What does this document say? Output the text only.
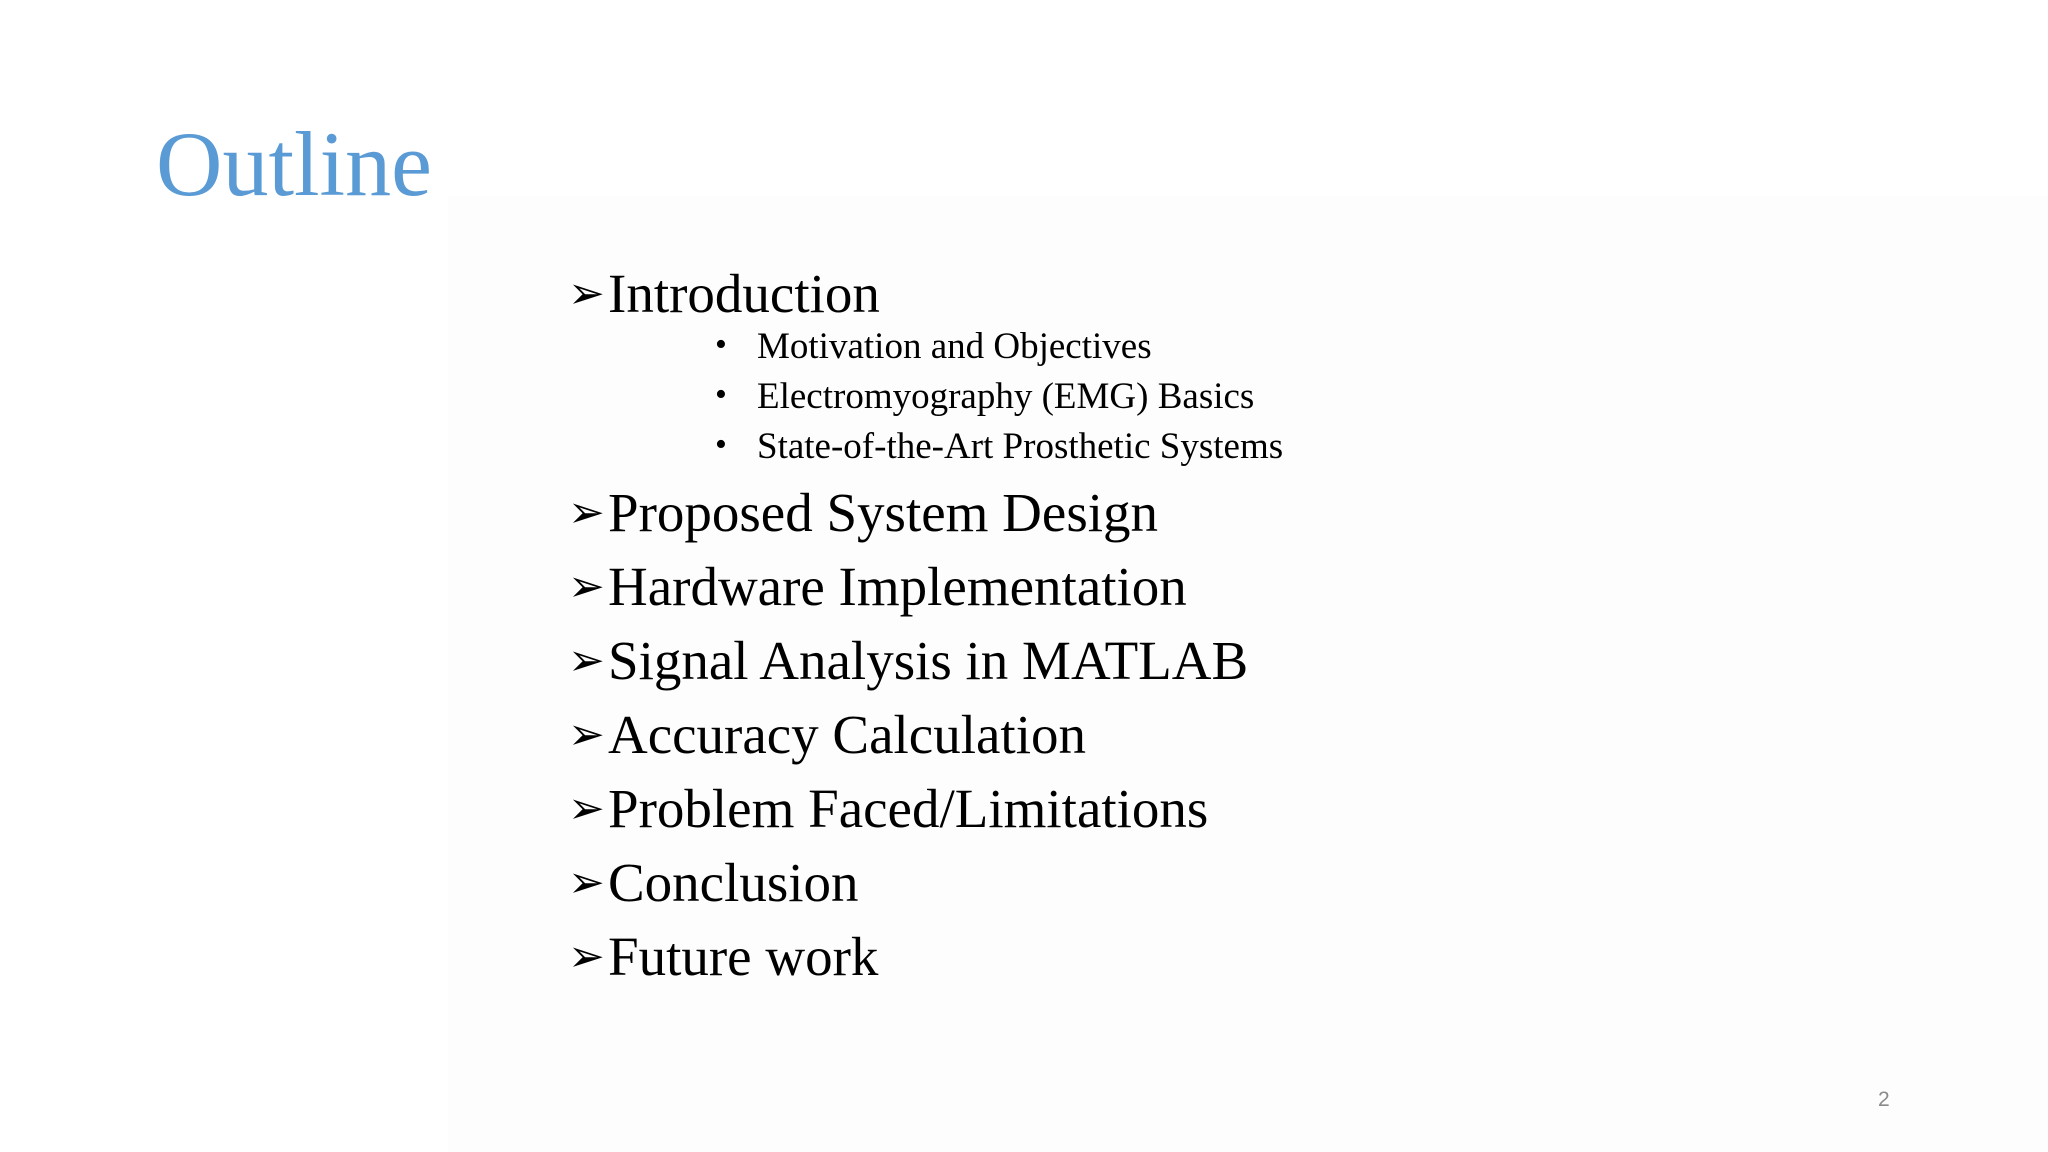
Outline
➢Introduction
• Motivation and Objectives
• Electromyography (EMG) Basics
• State-of-the-Art Prosthetic Systems
➢Proposed System Design
➢Hardware Implementation
➢Signal Analysis in MATLAB
➢Accuracy Calculation
➢Problem Faced/Limitations
➢Conclusion
➢Future work
2
